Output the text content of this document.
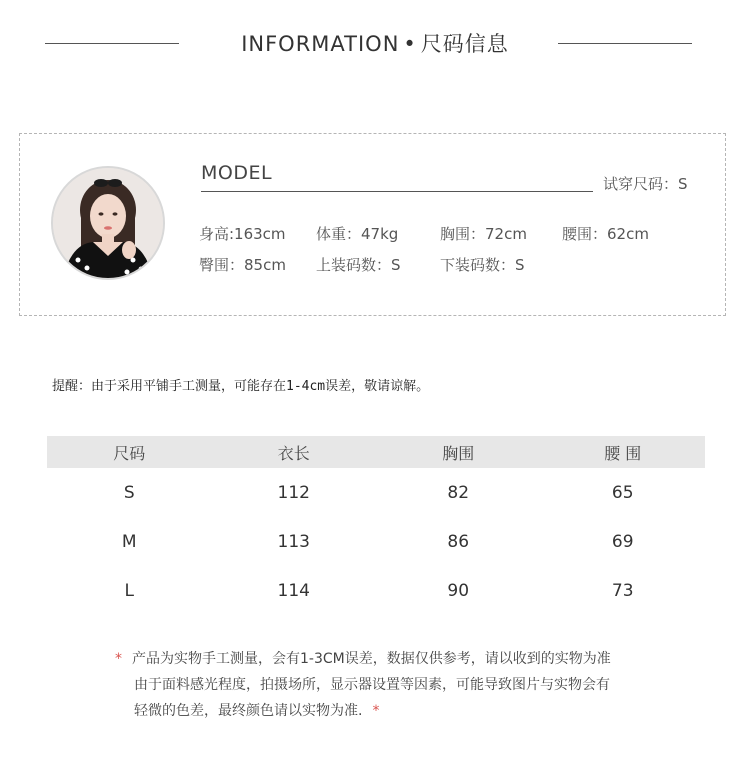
INFORMATION • 尺码信息
MODEL	试穿尺码：S
身高:163cm 体重：47kg	胸围：72cm 腰围：62cm
臀围：85cm 上装码数：S	下装码数：S
提醒：由于采用平铺手工测量，可能存在1-4cm误差，敬请谅解。
尺码	衣长	胸围	腰 围
S	112	82	65
M	113	86	69
L	114	90	73
* 产品为实物手工测量，会有1-3CM误差，数据仅供参考，请以收到的实物为准
由于面料感光程度，拍摄场所，显示器设置等因素，可能导致图片与实物会有
轻微的色差，最终颜色请以实物为准. *
